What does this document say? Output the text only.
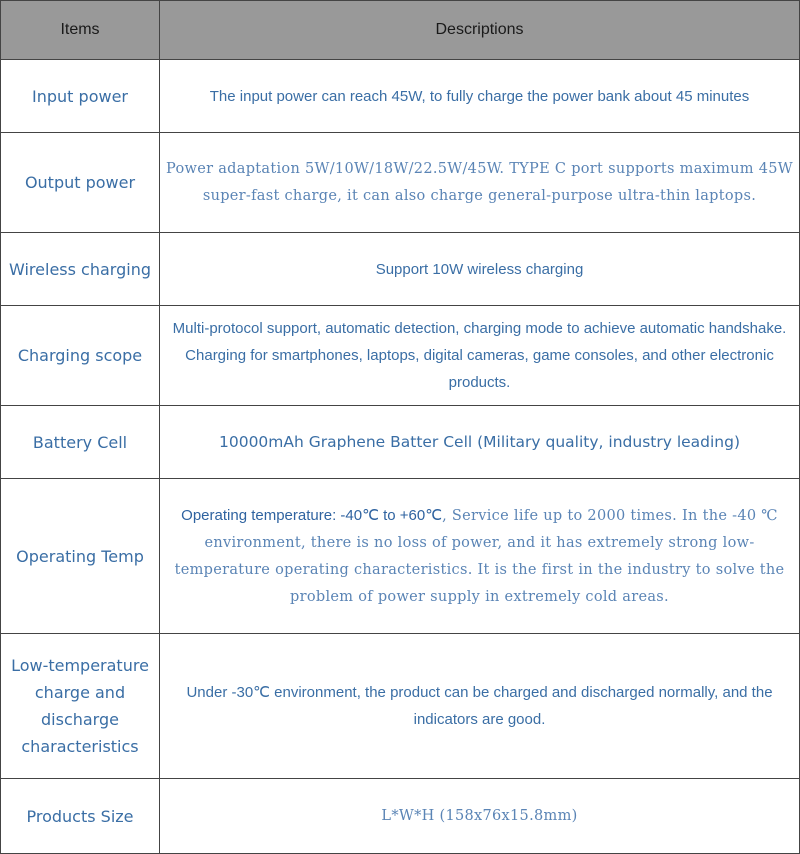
Items	Descriptions
Input power	The input power can reach 45W, to fully charge the power bank about 45 minutes
Output power	Power adaptation 5W/10W/18W/22.5W/45W. TYPE C port supports maximum 45W super-fast charge, it can also charge general-purpose ultra-thin laptops.
Wireless charging	Support 10W wireless charging
Charging scope	Multi-protocol support, automatic detection, charging mode to achieve automatic handshake. Charging for smartphones, laptops, digital cameras, game consoles, and other electronic products.
Battery Cell	10000mAh Graphene Batter Cell (Military quality, industry leading)
Operating Temp	Operating temperature: -40℃ to +60℃, Service life up to 2000 times. In the -40 ℃ environment, there is no loss of power, and it has extremely strong low-temperature operating characteristics. It is the first in the industry to solve the problem of power supply in extremely cold areas.
Low-temperature charge and discharge characteristics	Under -30℃ environment, the product can be charged and discharged normally, and the indicators are good.
Products Size	L*W*H (158x76x15.8mm)
